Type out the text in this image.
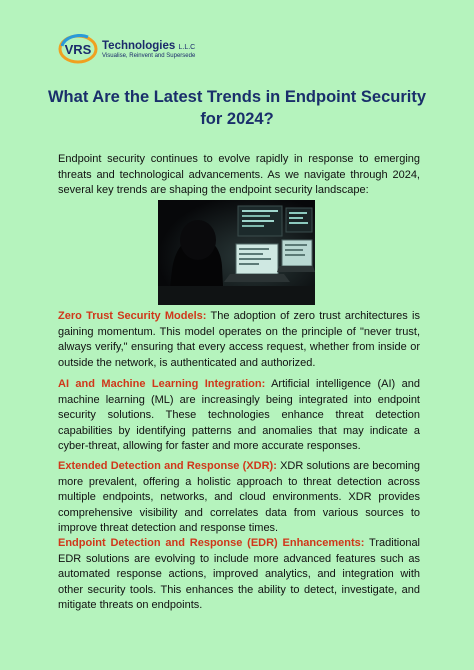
VRS Technologies L.L.C
Visualise, Reinvent and Supersede
What Are the Latest Trends in Endpoint Security for 2024?

Endpoint security continues to evolve rapidly in response to emerging threats and technological advancements. As we navigate through 2024, several key trends are shaping the endpoint security landscape:

Zero Trust Security Models: The adoption of zero trust architectures is gaining momentum. This model operates on the principle of "never trust, always verify," ensuring that every access request, whether from inside or outside the network, is authenticated and authorized.

AI and Machine Learning Integration: Artificial intelligence (AI) and machine learning (ML) are increasingly being integrated into endpoint security solutions. These technologies enhance threat detection capabilities by identifying patterns and anomalies that may indicate a cyber-threat, allowing for faster and more accurate responses.

Extended Detection and Response (XDR): XDR solutions are becoming more prevalent, offering a holistic approach to threat detection across multiple endpoints, networks, and cloud environments. XDR provides comprehensive visibility and correlates data from various sources to improve threat detection and response times.

Endpoint Detection and Response (EDR) Enhancements: Traditional EDR solutions are evolving to include more advanced features such as automated response actions, improved analytics, and integration with other security tools. This enhances the ability to detect, investigate, and mitigate threats on endpoints.
